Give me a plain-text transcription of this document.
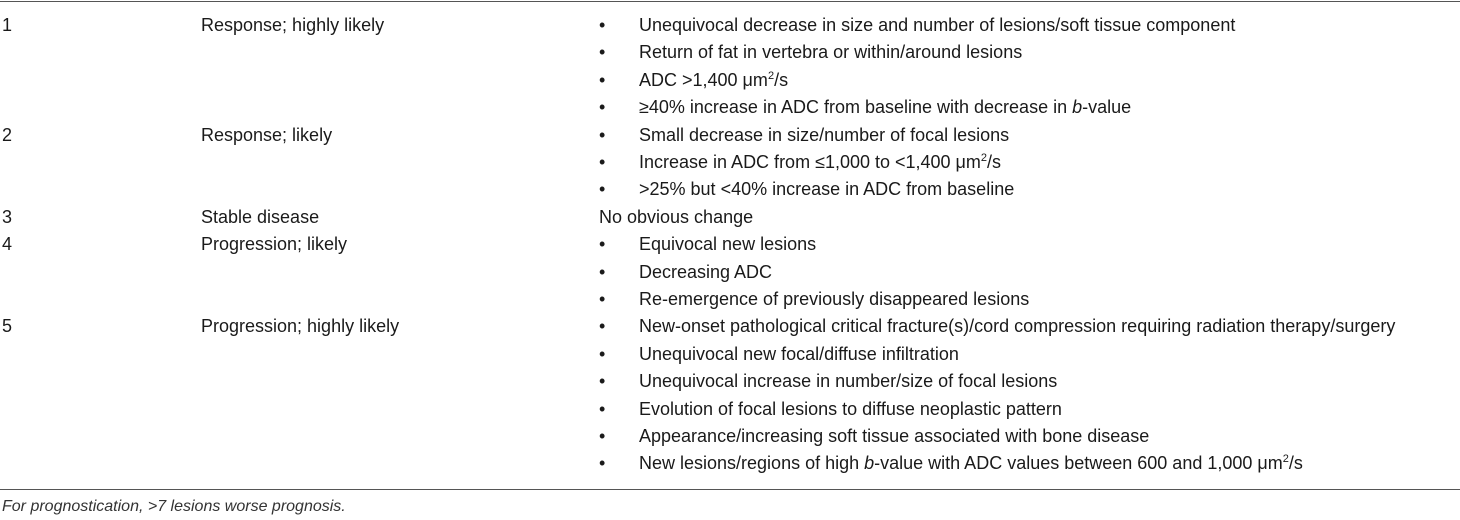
1	Response; highly likely	• Unequivocal decrease in size and number of lesions/soft tissue component
• Return of fat in vertebra or within/around lesions
• ADC >1,400 $\mu m^2/s$
• ≥40% increase in ADC from baseline with decrease in b-value
2	Response; likely	• Small decrease in size/number of focal lesions
• Increase in ADC from ≤1,000 to <1,400 $\mu m^2/s$
• >25% but <40% increase in ADC from baseline
3	Stable disease	No obvious change
4	Progression; likely	• Equivocal new lesions
• Decreasing ADC
• Re-emergence of previously disappeared lesions
5	Progression; highly likely	• New-onset pathological critical fracture(s)/cord compression requiring radiation therapy/surgery
• Unequivocal new focal/diffuse infiltration
• Unequivocal increase in number/size of focal lesions
• Evolution of focal lesions to diffuse neoplastic pattern
• Appearance/increasing soft tissue associated with bone disease
• New lesions/regions of high b-value with ADC values between 600 and 1,000 $\mu m^2/s$
For prognostication, >7 lesions worse prognosis.
